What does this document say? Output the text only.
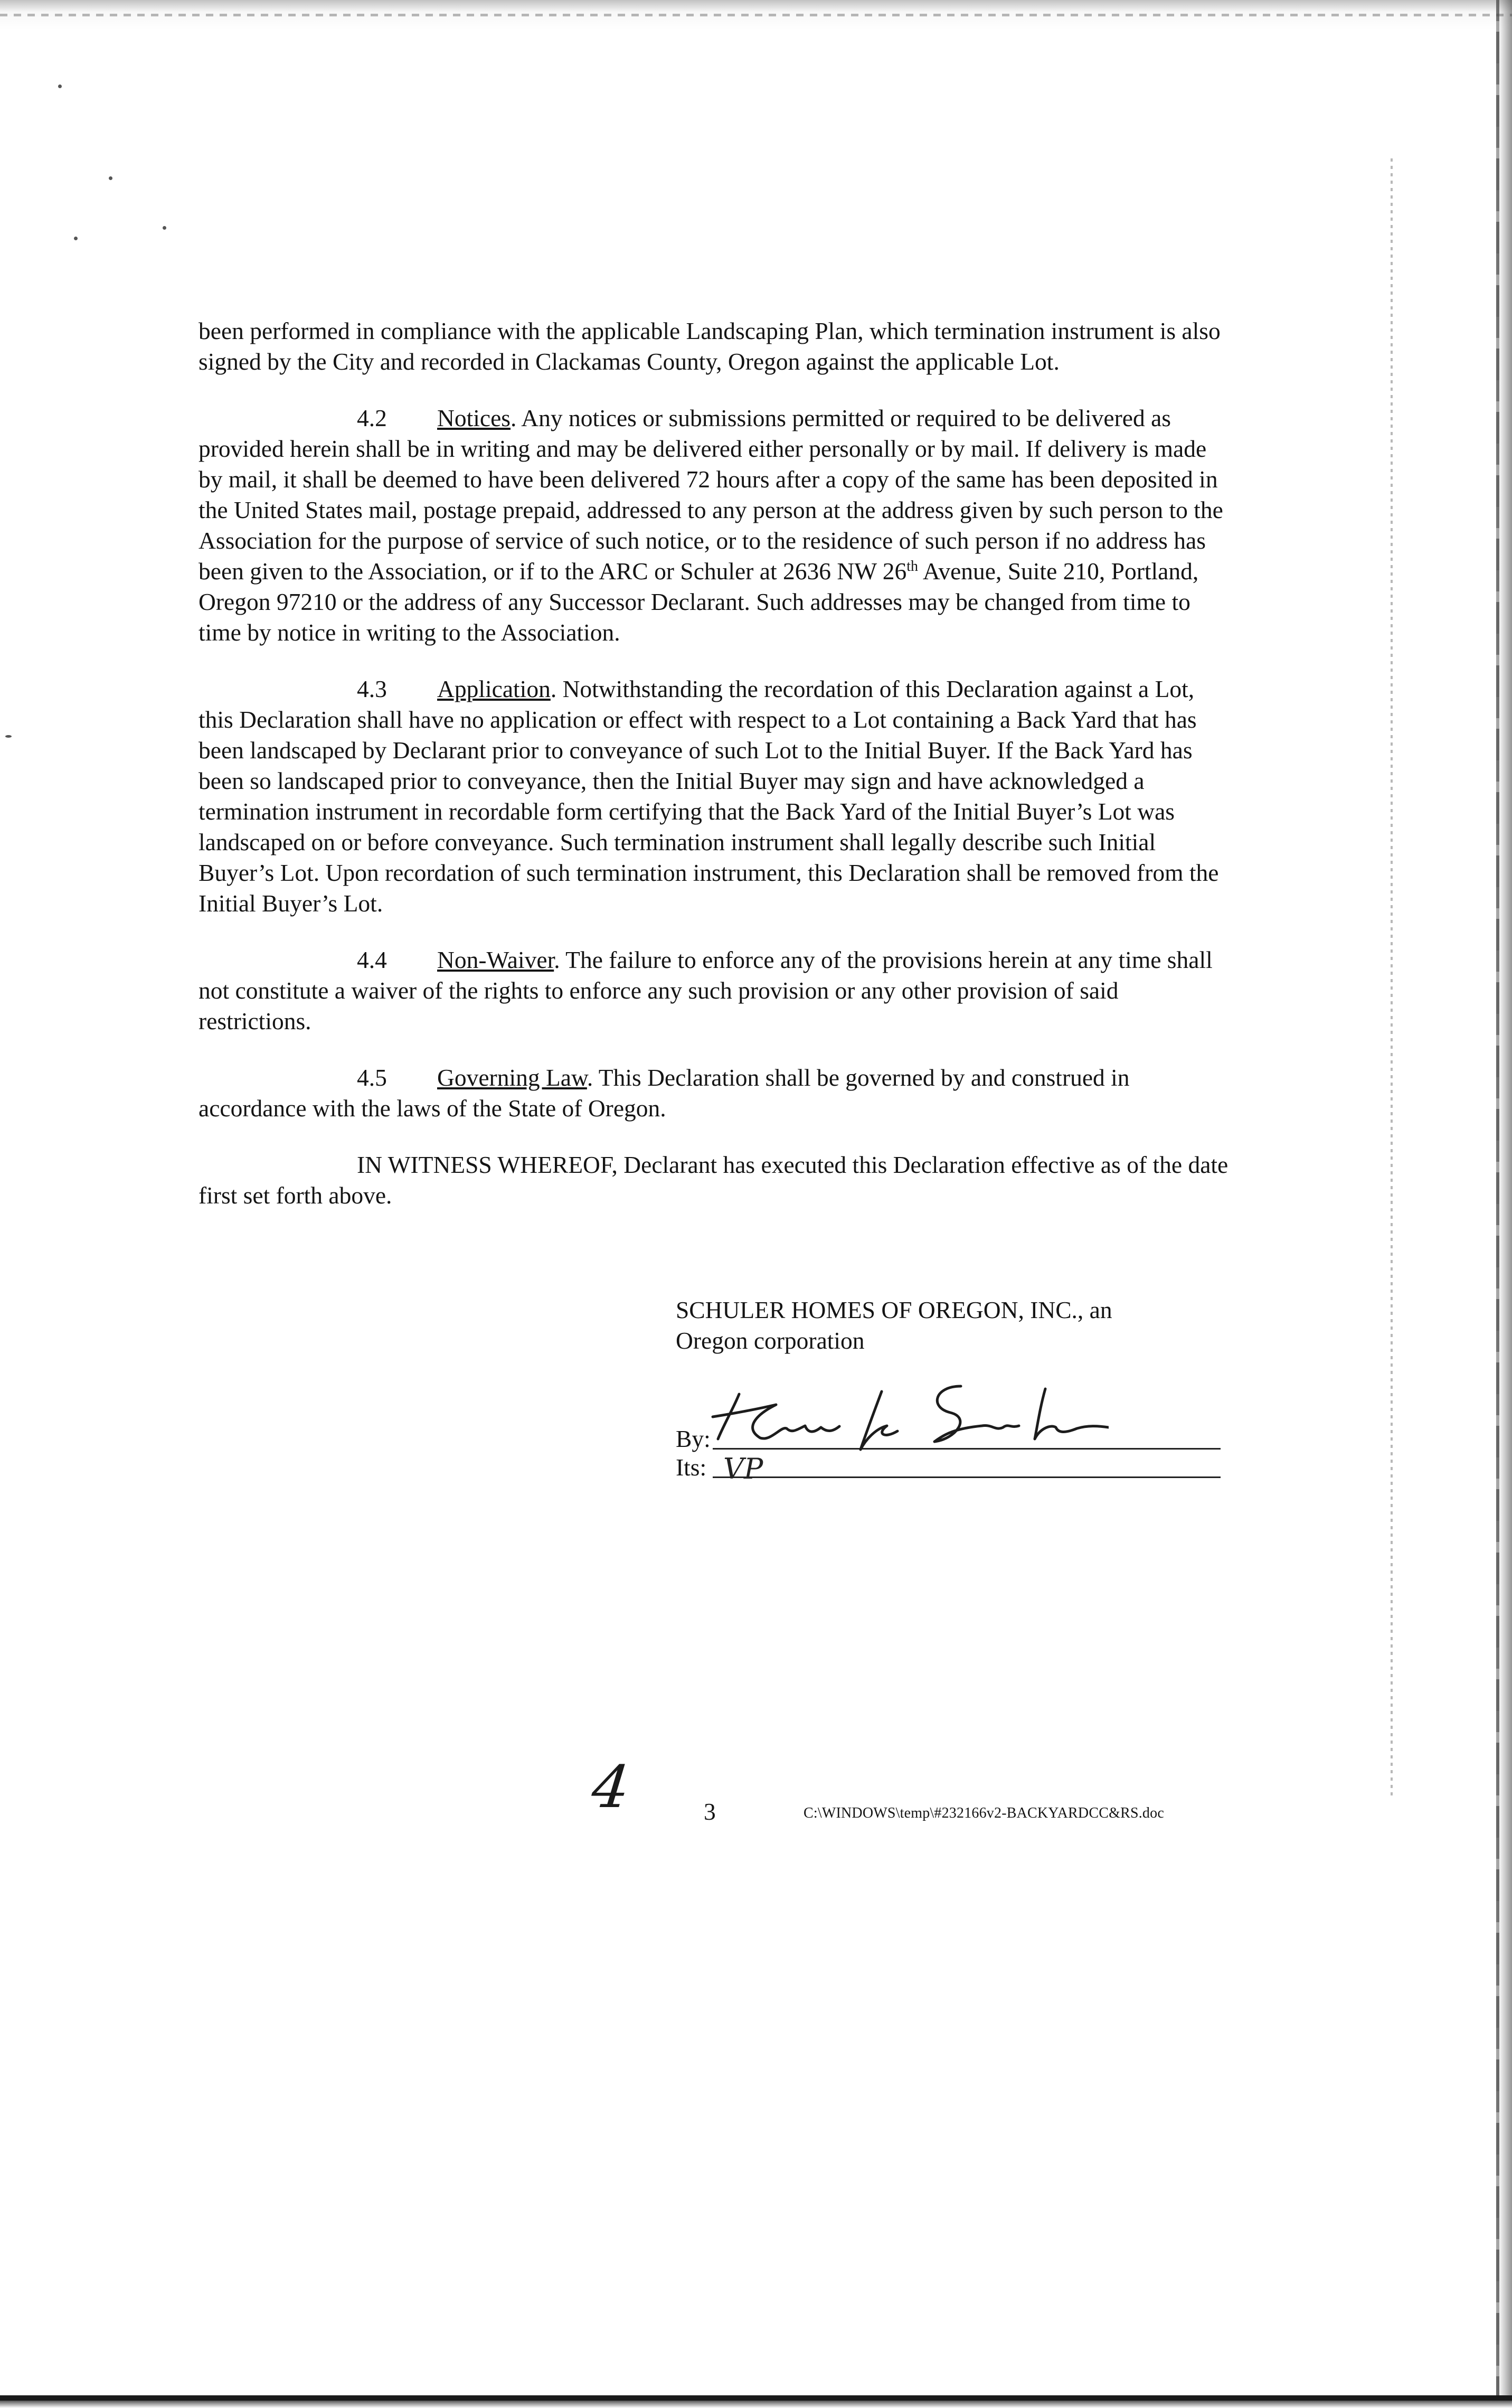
been performed in compliance with the applicable Landscaping Plan, which termination instrument is also signed by the City and recorded in Clackamas County, Oregon against the applicable Lot.

4.2 Notices. Any notices or submissions permitted or required to be delivered as provided herein shall be in writing and may be delivered either personally or by mail. If delivery is made by mail, it shall be deemed to have been delivered 72 hours after a copy of the same has been deposited in the United States mail, postage prepaid, addressed to any person at the address given by such person to the Association for the purpose of service of such notice, or to the residence of such person if no address has been given to the Association, or if to the ARC or Schuler at 2636 NW 26th Avenue, Suite 210, Portland, Oregon 97210 or the address of any Successor Declarant. Such addresses may be changed from time to time by notice in writing to the Association.

4.3 Application. Notwithstanding the recordation of this Declaration against a Lot, this Declaration shall have no application or effect with respect to a Lot containing a Back Yard that has been landscaped by Declarant prior to conveyance of such Lot to the Initial Buyer. If the Back Yard has been so landscaped prior to conveyance, then the Initial Buyer may sign and have acknowledged a termination instrument in recordable form certifying that the Back Yard of the Initial Buyer’s Lot was landscaped on or before conveyance. Such termination instrument shall legally describe such Initial Buyer’s Lot. Upon recordation of such termination instrument, this Declaration shall be removed from the Initial Buyer’s Lot.

4.4 Non-Waiver. The failure to enforce any of the provisions herein at any time shall not constitute a waiver of the rights to enforce any such provision or any other provision of said restrictions.

4.5 Governing Law. This Declaration shall be governed by and construed in accordance with the laws of the State of Oregon.

IN WITNESS WHEREOF, Declarant has executed this Declaration effective as of the date first set forth above.

SCHULER HOMES OF OREGON, INC., an
Oregon corporation
By:
Its: VP
4	3	C:\WINDOWS\temp\#232166v2-BACKYARDCC&RS.doc
